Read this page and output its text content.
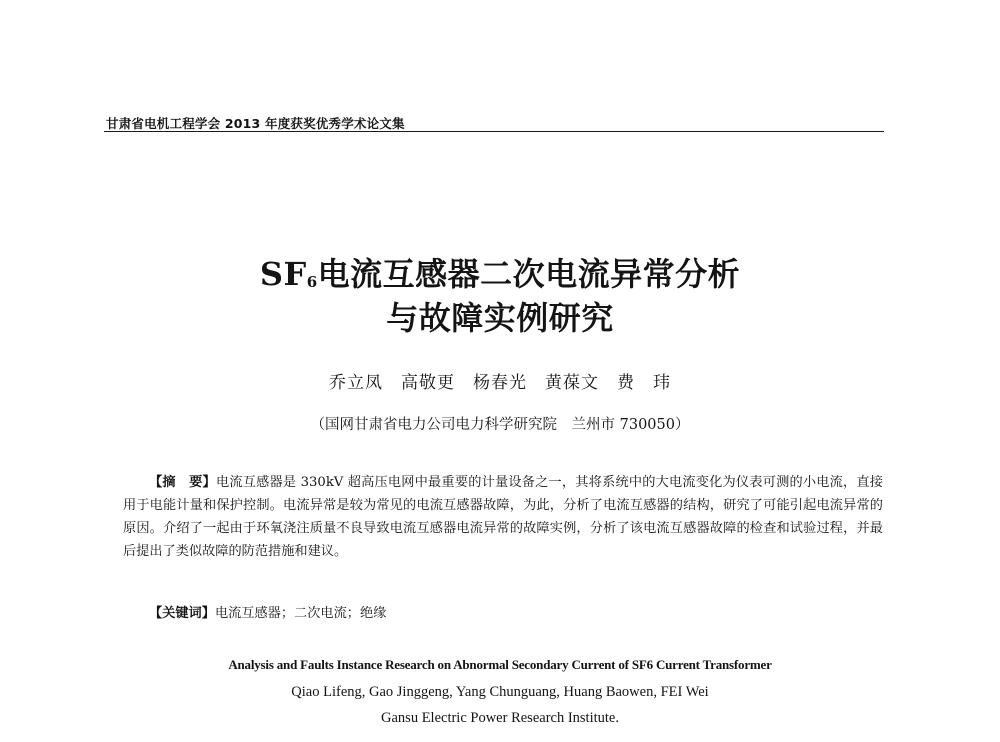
甘肃省电机工程学会 2013 年度获奖优秀学术论文集
$SF_6$电流互感器二次电流异常分析
与故障实例研究
乔立凤　高敬更　杨春光　黄葆文　费　玮
（国网甘肃省电力公司电力科学研究院　兰州市 730050）
【摘　要】电流互感器是 330kV 超高压电网中最重要的计量设备之一，其将系统中的大电流变化为仪表可测的小电流，直接用于电能计量和保护控制。电流异常是较为常见的电流互感器故障，为此，分析了电流互感器的结构，研究了可能引起电流异常的原因。介绍了一起由于环氧浇注质量不良导致电流互感器电流异常的故障实例，分析了该电流互感器故障的检查和试验过程，并最后提出了类似故障的防范措施和建议。
【关键词】电流互感器；二次电流；绝缘
Analysis and Faults Instance Research on Abnormal Secondary Current of SF6 Current Transformer
Qiao Lifeng, Gao Jinggeng, Yang Chunguang, Huang Baowen, FEI Wei
Gansu Electric Power Research Institute.
